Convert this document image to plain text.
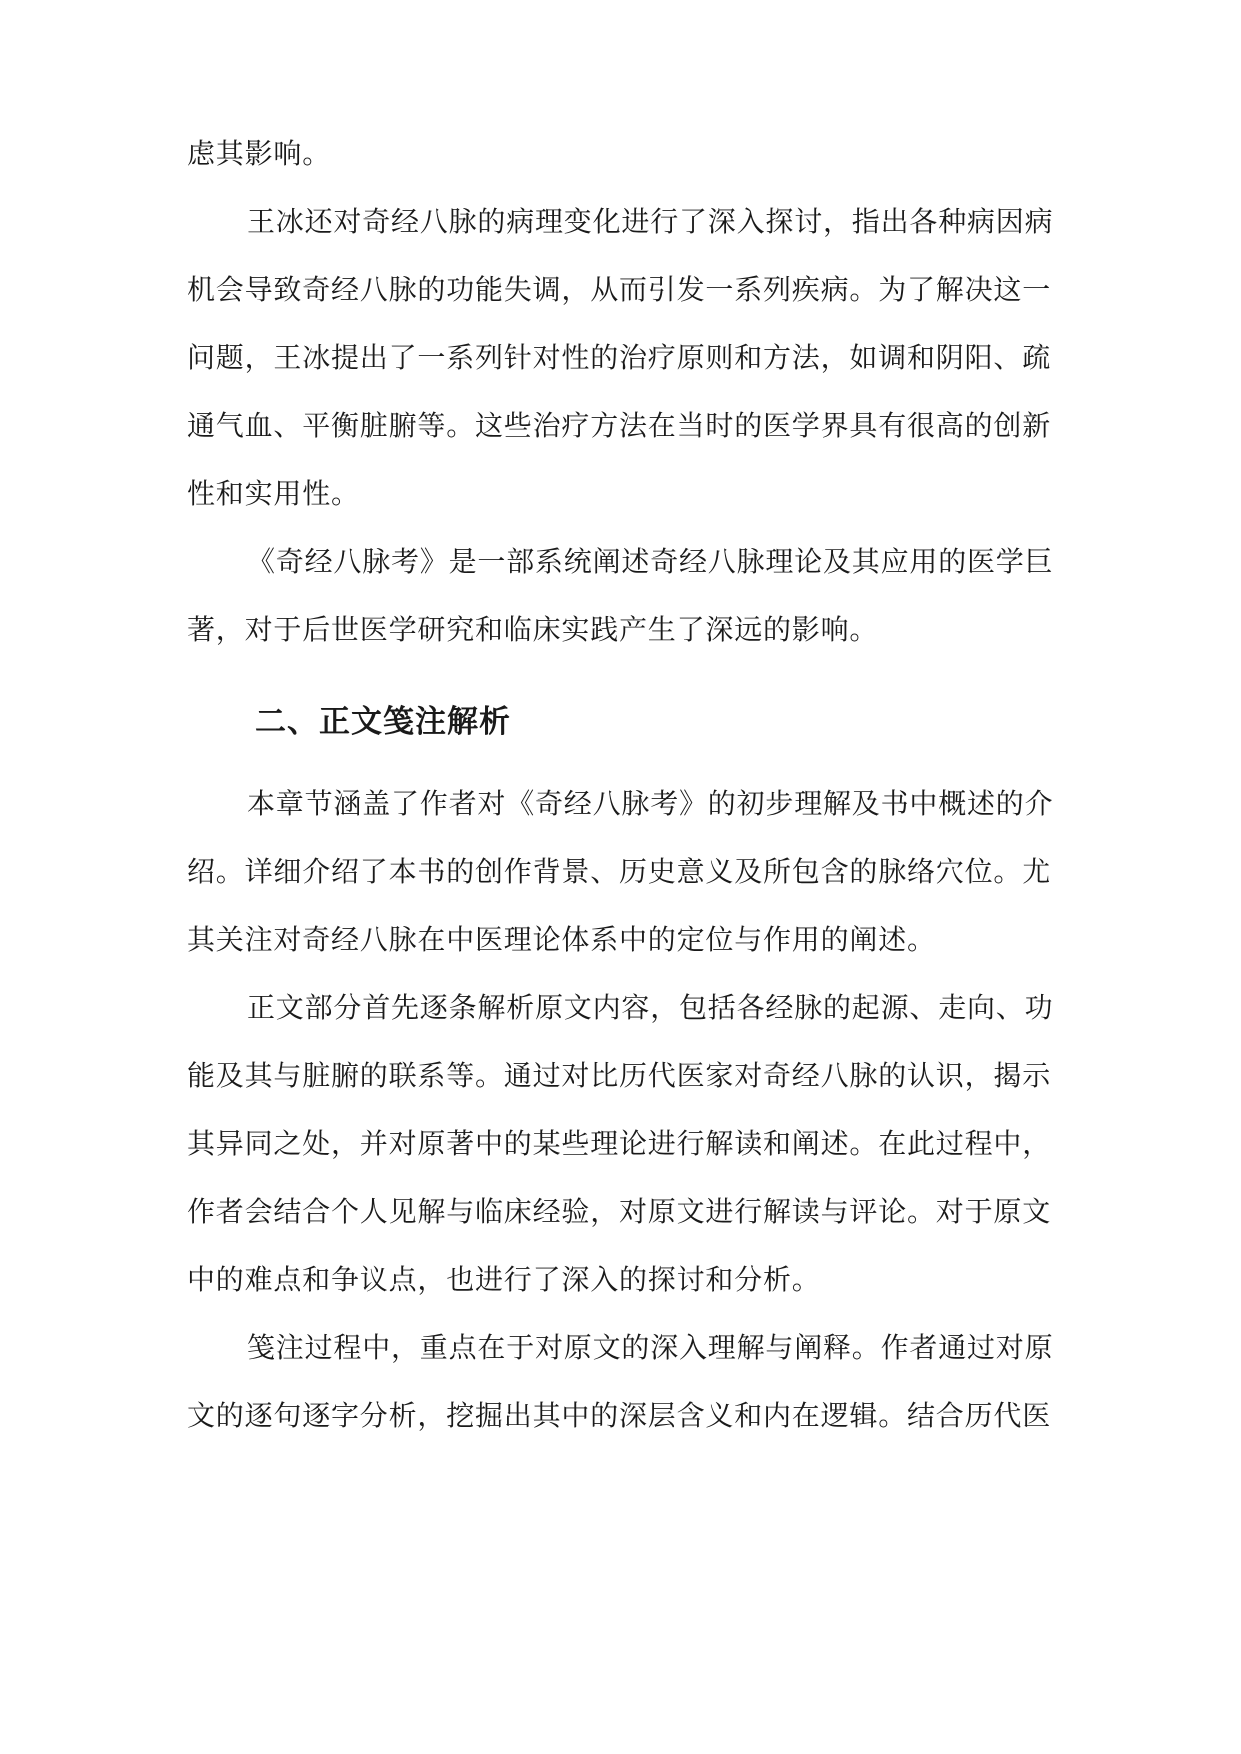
虑其影响。

王冰还对奇经八脉的病理变化进行了深入探讨，指出各种病因病

机会导致奇经八脉的功能失调，从而引发一系列疾病。为了解决这一

问题，王冰提出了一系列针对性的治疗原则和方法，如调和阴阳、疏

通气血、平衡脏腑等。这些治疗方法在当时的医学界具有很高的创新

性和实用性。

《奇经八脉考》是一部系统阐述奇经八脉理论及其应用的医学巨

著，对于后世医学研究和临床实践产生了深远的影响。

二、正文笺注解析

本章节涵盖了作者对《奇经八脉考》的初步理解及书中概述的介

绍。详细介绍了本书的创作背景、历史意义及所包含的脉络穴位。尤

其关注对奇经八脉在中医理论体系中的定位与作用的阐述。

正文部分首先逐条解析原文内容，包括各经脉的起源、走向、功

能及其与脏腑的联系等。通过对比历代医家对奇经八脉的认识，揭示

其异同之处，并对原著中的某些理论进行解读和阐述。在此过程中，

作者会结合个人见解与临床经验，对原文进行解读与评论。对于原文

中的难点和争议点，也进行了深入的探讨和分析。

笺注过程中，重点在于对原文的深入理解与阐释。作者通过对原

文的逐句逐字分析，挖掘出其中的深层含义和内在逻辑。结合历代医
